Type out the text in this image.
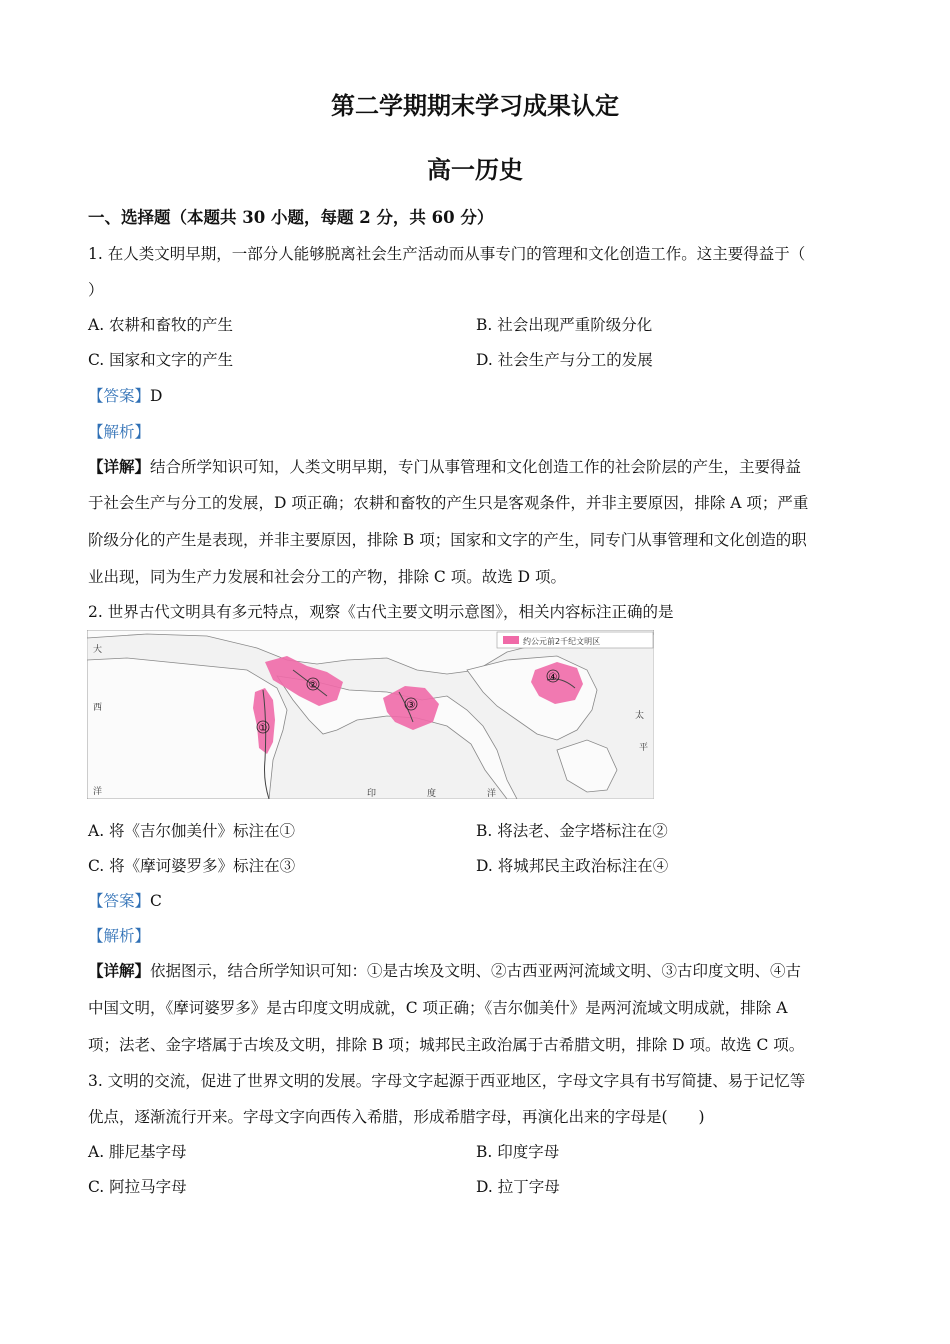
第二学期期末学习成果认定
高一历史
一、选择题（本题共 30 小题，每题 2 分，共 60 分）
1. 在人类文明早期，一部分人能够脱离社会生产活动而从事专门的管理和文化创造工作。这主要得益于（
）
A. 农耕和畜牧的产生	B. 社会出现严重阶级分化
C. 国家和文字的产生	D. 社会生产与分工的发展
【答案】D
【解析】
【详解】结合所学知识可知，人类文明早期，专门从事管理和文化创造工作的社会阶层的产生，主要得益
于社会生产与分工的发展，D 项正确；农耕和畜牧的产生只是客观条件，并非主要原因，排除 A 项；严重
阶级分化的产生是表现，并非主要原因，排除 B 项；国家和文字的产生，同专门从事管理和文化创造的职
业出现，同为生产力发展和社会分工的产物，排除 C 项。故选 D 项。
2. 世界古代文明具有多元特点，观察《古代主要文明示意图》，相关内容标注正确的是
①
②
③
④
约公元前2千纪文明区
大
西
洋
太
平
印	度	洋
A. 将《吉尔伽美什》标注在①	B. 将法老、金字塔标注在②
C. 将《摩诃婆罗多》标注在③	D. 将城邦民主政治标注在④
【答案】C
【解析】
【详解】依据图示，结合所学知识可知：①是古埃及文明、②古西亚两河流域文明、③古印度文明、④古
中国文明，《摩诃婆罗多》是古印度文明成就，C 项正确；《吉尔伽美什》是两河流域文明成就，排除 A
项；法老、金字塔属于古埃及文明，排除 B 项；城邦民主政治属于古希腊文明，排除 D 项。故选 C 项。
3. 文明的交流，促进了世界文明的发展。字母文字起源于西亚地区，字母文字具有书写简捷、易于记忆等
优点，逐渐流行开来。字母文字向西传入希腊，形成希腊字母，再演化出来的字母是(　　)
A. 腓尼基字母	B. 印度字母
C. 阿拉马字母	D. 拉丁字母
